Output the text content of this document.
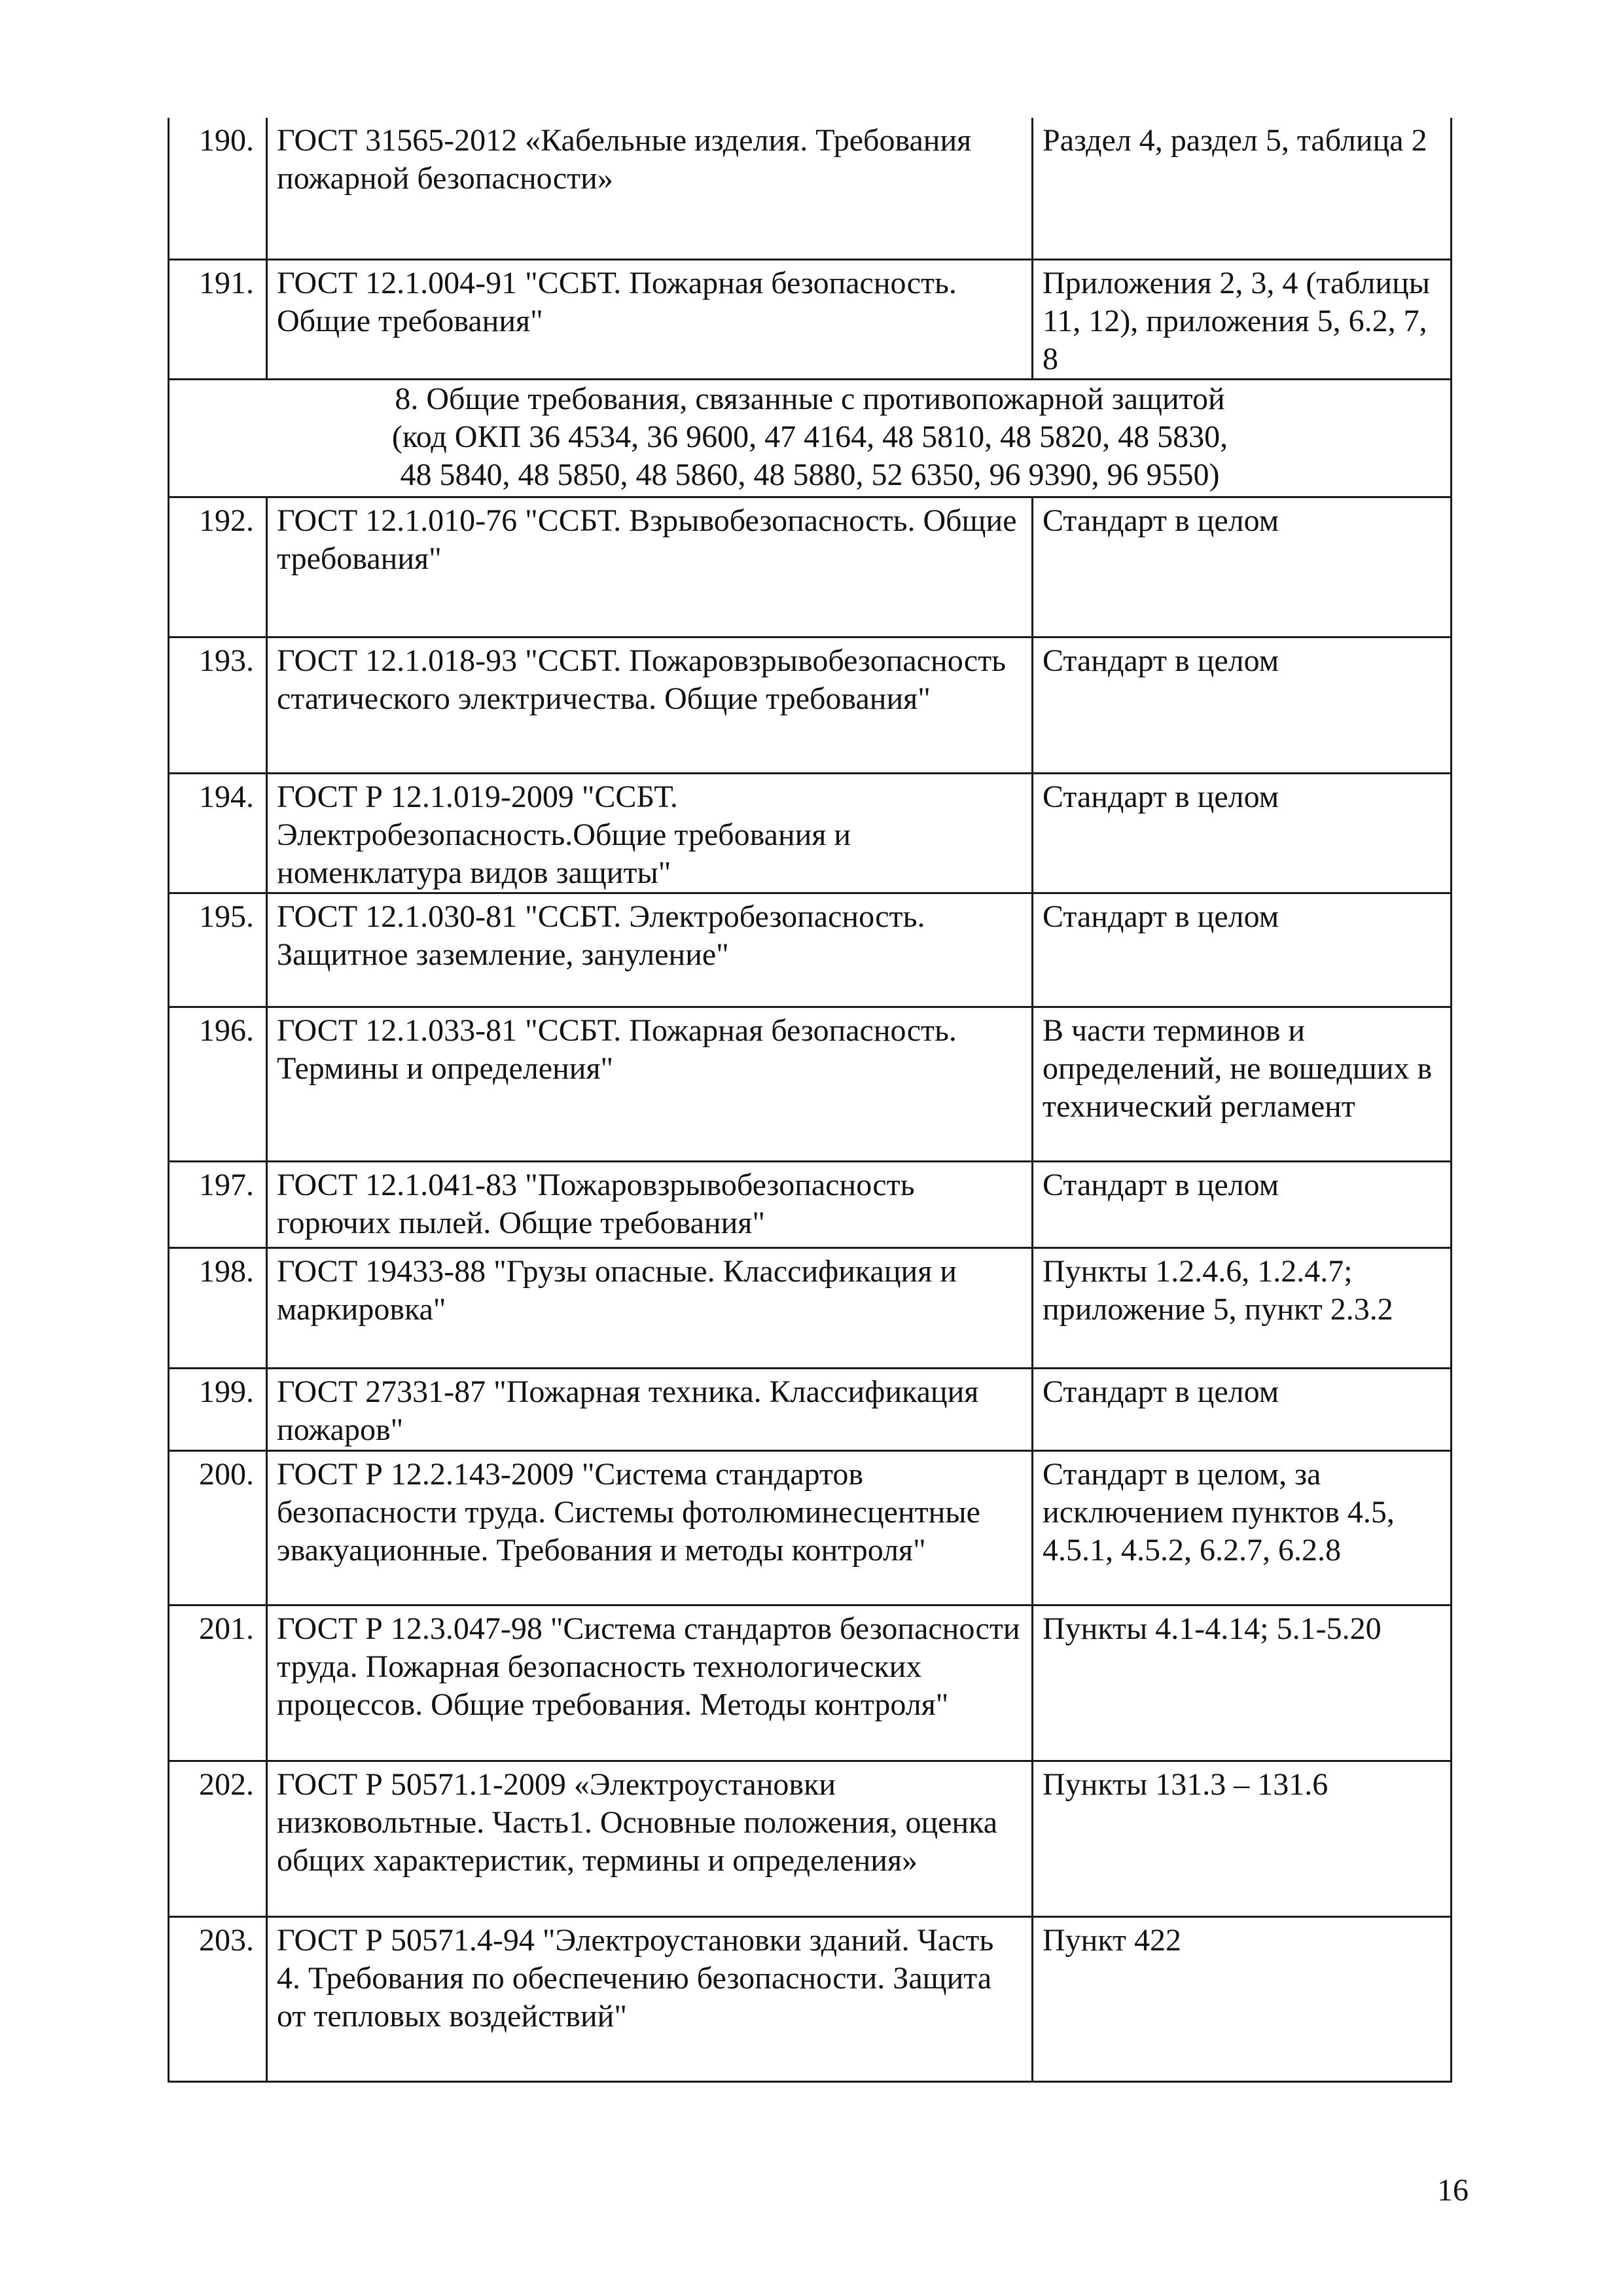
190.	ГОСТ 31565-2012 «Кабельные изделия. Требования пожарной безопасности»	Раздел 4, раздел 5, таблица 2
191.	ГОСТ 12.1.004-91 "ССБТ. Пожарная безопасность. Общие требования"	Приложения 2, 3, 4 (таблицы 11, 12), приложения 5, 6.2, 7, 8

8. Общие требования, связанные с противопожарной защитой
(код ОКП 36 4534, 36 9600, 47 4164, 48 5810, 48 5820, 48 5830,
48 5840, 48 5850, 48 5860, 48 5880, 52 6350, 96 9390, 96 9550)		

192.	ГОСТ 12.1.010-76 "ССБТ. Взрывобезопасность. Общие требования"	Стандарт в целом
193.	ГОСТ 12.1.018-93 "ССБТ. Пожаровзрывобезопасность статического электричества. Общие требования"	Стандарт в целом
194.	ГОСТ Р 12.1.019-2009 "ССБТ. Электробезопасность.Общие требования и номенклатура видов защиты"	Стандарт в целом
195.	ГОСТ 12.1.030-81 "ССБТ. Электробезопасность. Защитное заземление, зануление"	Стандарт в целом
196.	ГОСТ 12.1.033-81 "ССБТ. Пожарная безопасность. Термины и определения"	В части терминов и определений, не вошедших в технический регламент
197.	ГОСТ 12.1.041-83 "Пожаровзрывобезопасность горючих пылей. Общие требования"	Стандарт в целом
198.	ГОСТ 19433-88 "Грузы опасные. Классификация и маркировка"	Пункты 1.2.4.6, 1.2.4.7; приложение 5, пункт 2.3.2
199.	ГОСТ 27331-87 "Пожарная техника. Классификация пожаров"	Стандарт в целом
200.	ГОСТ Р 12.2.143-2009 "Система стандартов безопасности труда. Системы фотолюминесцентные эвакуационные. Требования и методы контроля"	Стандарт в целом, за исключением пунктов 4.5, 4.5.1, 4.5.2, 6.2.7, 6.2.8
201.	ГОСТ Р 12.3.047-98 "Система стандартов безопасности труда. Пожарная безопасность технологических процессов. Общие требования. Методы контроля"	Пункты 4.1-4.14; 5.1-5.20
202.	ГОСТ Р 50571.1-2009 «Электроустановки низковольтные. Часть1. Основные положения, оценка общих характеристик, термины и определения»	Пункты 131.3 – 131.6
203.	ГОСТ Р 50571.4-94 "Электроустановки зданий. Часть 4. Требования по обеспечению безопасности. Защита от тепловых воздействий"	Пункт 422
16
